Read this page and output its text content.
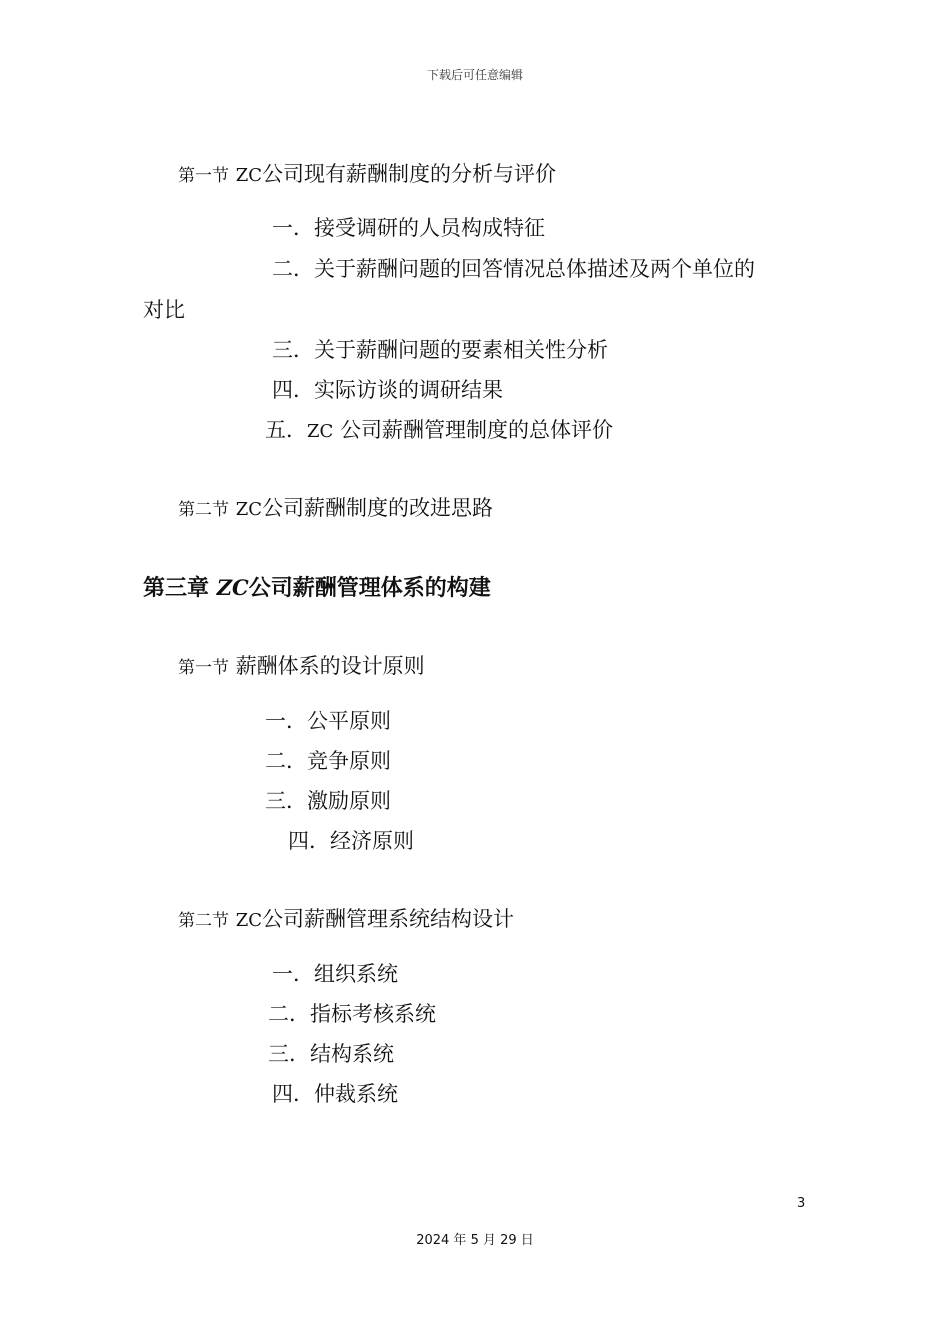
下载后可任意编辑
第一节 ZC公司现有薪酬制度的分析与评价
一．接受调研的人员构成特征
二．关于薪酬问题的回答情况总体描述及两个单位的
对比
三．关于薪酬问题的要素相关性分析
四．实际访谈的调研结果
五．ZC 公司薪酬管理制度的总体评价
第二节 ZC公司薪酬制度的改进思路
第三章 ZC公司薪酬管理体系的构建
第一节 薪酬体系的设计原则
一．公平原则
二．竞争原则
三．激励原则
四．经济原则
第二节 ZC公司薪酬管理系统结构设计
一．组织系统
二．指标考核系统
三．结构系统
四．仲裁系统
3
2024 年 5 月 29 日
